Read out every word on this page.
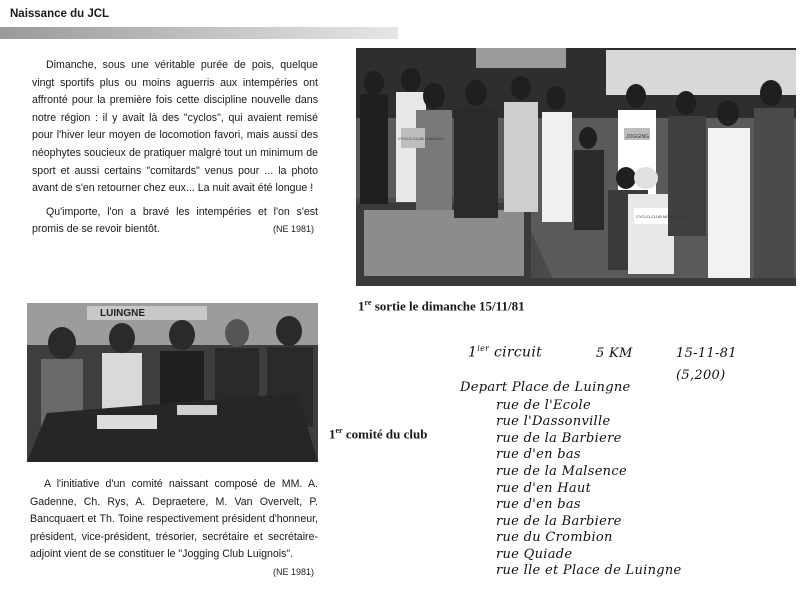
Naissance du JCL

Dimanche, sous une véritable purée de pois, quelque vingt sportifs plus ou moins aguerris aux intempéries ont affronté pour la première fois cette discipline nouvelle dans notre région : il y avait là des "cyclos", qui avaient remisé pour l'hiver leur moyen de locomotion favori, mais aussi des néophytes soucieux de pratiquer malgré tout un minimum de sport et aussi certains "comitards" venus pour ... la photo avant de s'en retourner chez eux... La nuit avait été longue !

Qu'importe, l'on a bravé les intempéries et l'on s'est promis de se revoir bientôt.	(NE 1981)

CYCLO-CLUB LUIGNOIS	JOGGING
CYCLO-CLUB MOUSCRON
LUINGNE
1re sortie le dimanche 15/11/81
1er comité du club

A l'initiative d'un comité naissant composé de MM. A. Gadenne, Ch. Rys, A. Depraetere, M. Van Overvelt, P. Bancquaert et Th. Toine respectivement président d'honneur, président, vice-président, trésorier, secrétaire et secrétaire-adjoint vient de se constituer le "Jogging Club Luignois".
(NE 1981)

$1^{ier}$ circuit	5 KM	15-11-81
(5,200)
Depart Place de Luingne
rue de l'Ecole
rue l'Dassonville
rue de la Barbiere
rue d'en bas
rue de la Malsence
rue d'en Haut
rue d'en bas
rue de la Barbiere
rue du Crombion
rue Quiade
rue lle et Place de Luingne
